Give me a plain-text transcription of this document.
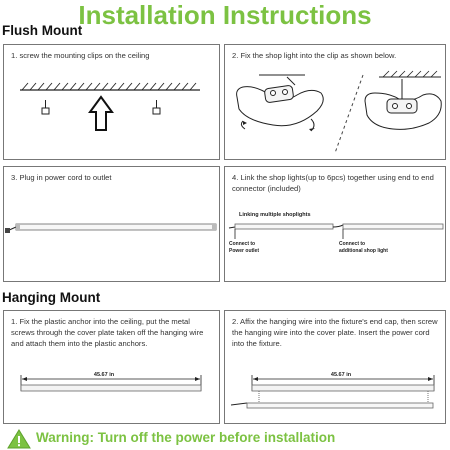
Installation Instructions
Flush Mount

1. screw the mounting clips on the ceiling	2. Fix the shop light into the clip as shown below.

3. Plug in power cord to outlet	4. Link the shop lights(up to 6pcs) together using end to end connector (included)

Linking multiple shoplights
Connect to
Power outlet
Connect to
additional shop light
Hanging Mount

1. Fix the plastic anchor into the ceiling, put the metal screws through the cover plate taken off the hanging wire and attach them into the plastic anchors.

45.67 in

2. Affix the hanging wire into the fixture's end cap, then screw the hanging wire into the cover plate. Insert the power cord into the fixture.

45.67 in
Warning: Turn off the power before installation
